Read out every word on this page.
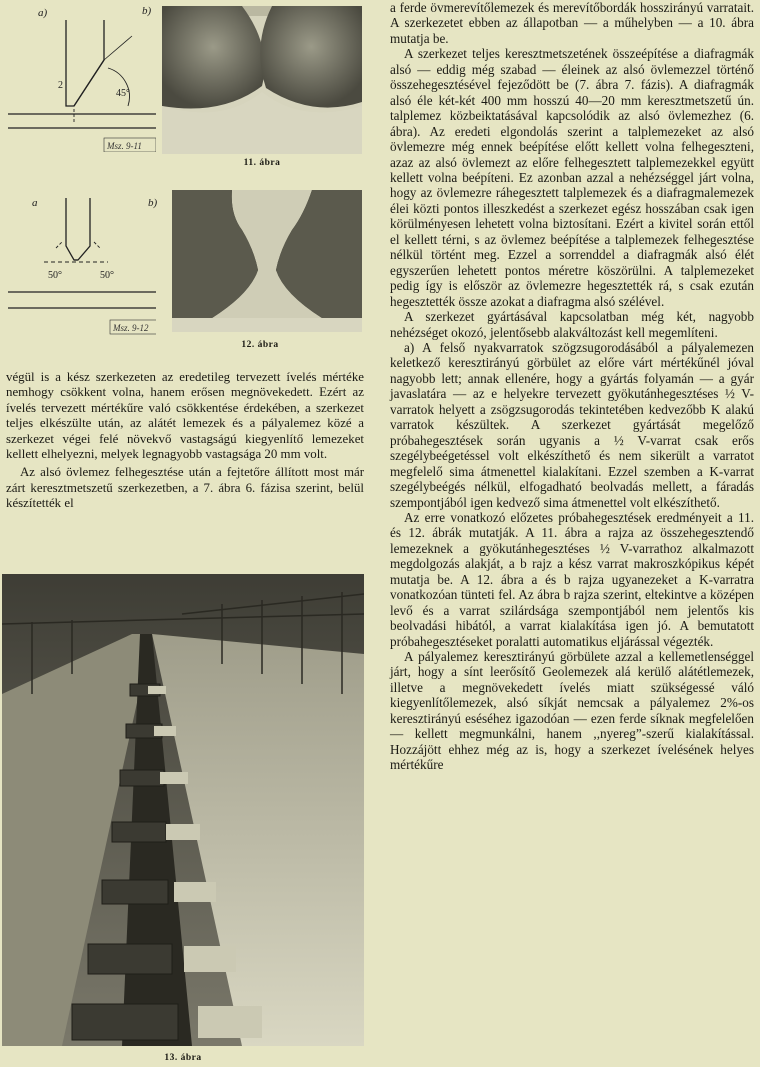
a)
2
45°
Msz. 9-11
b)
11. ábra
a
50°	50°
Msz. 9-12
b)
12. ábra

végül is a kész szerkezeten az eredetileg tervezett ívelés mértéke nemhogy csökkent volna, hanem erősen megnövekedett. Ezért az ívelés tervezett mértékűre való csökkentése érdekében, a szerkezet teljes elkészülte után, az alátét lemezek és a pályalemez közé a szerkezet végei felé növekvő vastagságú kiegyenlítő lemezeket kellett elhelyezni, melyek legnagyobb vastagsága 20 mm volt.

Az alsó övlemez felhegesztése után a fejtetőre állított most már zárt keresztmetszetű szerkezetben, a 7. ábra 6. fázisa szerint, belül készítették el

13. ábra

a ferde övmerevítőlemezek és merevítőbordák hosszirányú varratait. A szerkezetet ebben az állapotban — a műhelyben — a 10. ábra mutatja be.

A szerkezet teljes keresztmetszetének összeépítése a diafragmák alsó — eddig még szabad — éleinek az alsó övlemezzel történő összehegesztésével fejeződött be (7. ábra 7. fázis). A diafragmák alsó éle két-két 400 mm hosszú 40—20 mm keresztmetszetű ún. talplemez közbeiktatásával kapcsolódik az alsó övlemezhez (6. ábra). Az eredeti elgondolás szerint a talplemezeket az alsó övlemezre még ennek beépítése előtt kellett volna felhegeszteni, azaz az alsó övlemezt az előre felhegesztett talplemezekkel együtt kellett volna beépíteni. Ez azonban azzal a nehézséggel járt volna, hogy az övlemezre ráhegesztett talplemezek és a diafragmalemezek élei közti pontos illeszkedést a szerkezet egész hosszában csak igen körülményesen lehetett volna biztosítani. Ezért a kivitel során ettől el kellett térni, s az övlemez beépítése a talplemezek felhegesztése nélkül történt meg. Ezzel a sorrenddel a diafragmák alsó élét egyszerűen lehetett pontos méretre köszörülni. A talplemezeket pedig így is először az övlemezre hegesztették rá, s csak ezután hegesztették össze azokat a diafragma alsó szélével.

A szerkezet gyártásával kapcsolatban még két, nagyobb nehézséget okozó, jelentősebb alakváltozást kell megemlíteni.

a) A felső nyakvarratok szögzsugorodásából a pályalemezen keletkező keresztirányú görbület az előre várt mértékűnél jóval nagyobb lett; annak ellenére, hogy a gyártás folyamán — a gyár javaslatára — az e helyekre tervezett gyökutánhegesztéses ½ V-varratok helyett a zsögzsugorodás tekintetében kedvezőbb K alakú varratok készültek. A szerkezet gyártását megelőző próbahegesztések során ugyanis a ½ V-varrat csak erős szegélybeégetéssel volt elkészíthető és nem sikerült a varratot megfelelő sima átmenettel kialakítani. Ezzel szemben a K-varrat szegélybeégés nélkül, elfogadható beolvadás mellett, a fáradás szempontjából igen kedvező sima átmenettel volt elkészíthető.

Az erre vonatkozó előzetes próbahegesztések eredményeit a 11. és 12. ábrák mutatják. A 11. ábra a rajza az összehegesztendő lemezeknek a gyökutánhegesztéses ½ V-varrathoz alkalmazott megdolgozás alakját, a b rajz a kész varrat makroszkópikus képét mutatja be. A 12. ábra a és b rajza ugyanezeket a K-varratra vonatkozóan tünteti fel. Az ábra b rajza szerint, eltekintve a középen levő és a varrat szilárdsága szempontjából nem jelentős kis beolvadási hibától, a varrat kialakítása igen jó. A bemutatott próbahegesztéseket poralatti automatikus eljárással végezték.

A pályalemez keresztirányú görbülete azzal a kellemetlenséggel járt, hogy a sínt leerősítő Geolemezek alá kerülő alátétlemezek, illetve a megnövekedett ívelés miatt szükségessé váló kiegyenlítőlemezek, alsó síkját nemcsak a pályalemez 2%-os keresztirányú eséséhez igazodóan — ezen ferde síknak megfelelően — kellett megmunkálni, hanem ,,nyereg”-szerű kialakítással. Hozzájött ehhez még az is, hogy a szerkezet ívelésének helyes mértékűre
